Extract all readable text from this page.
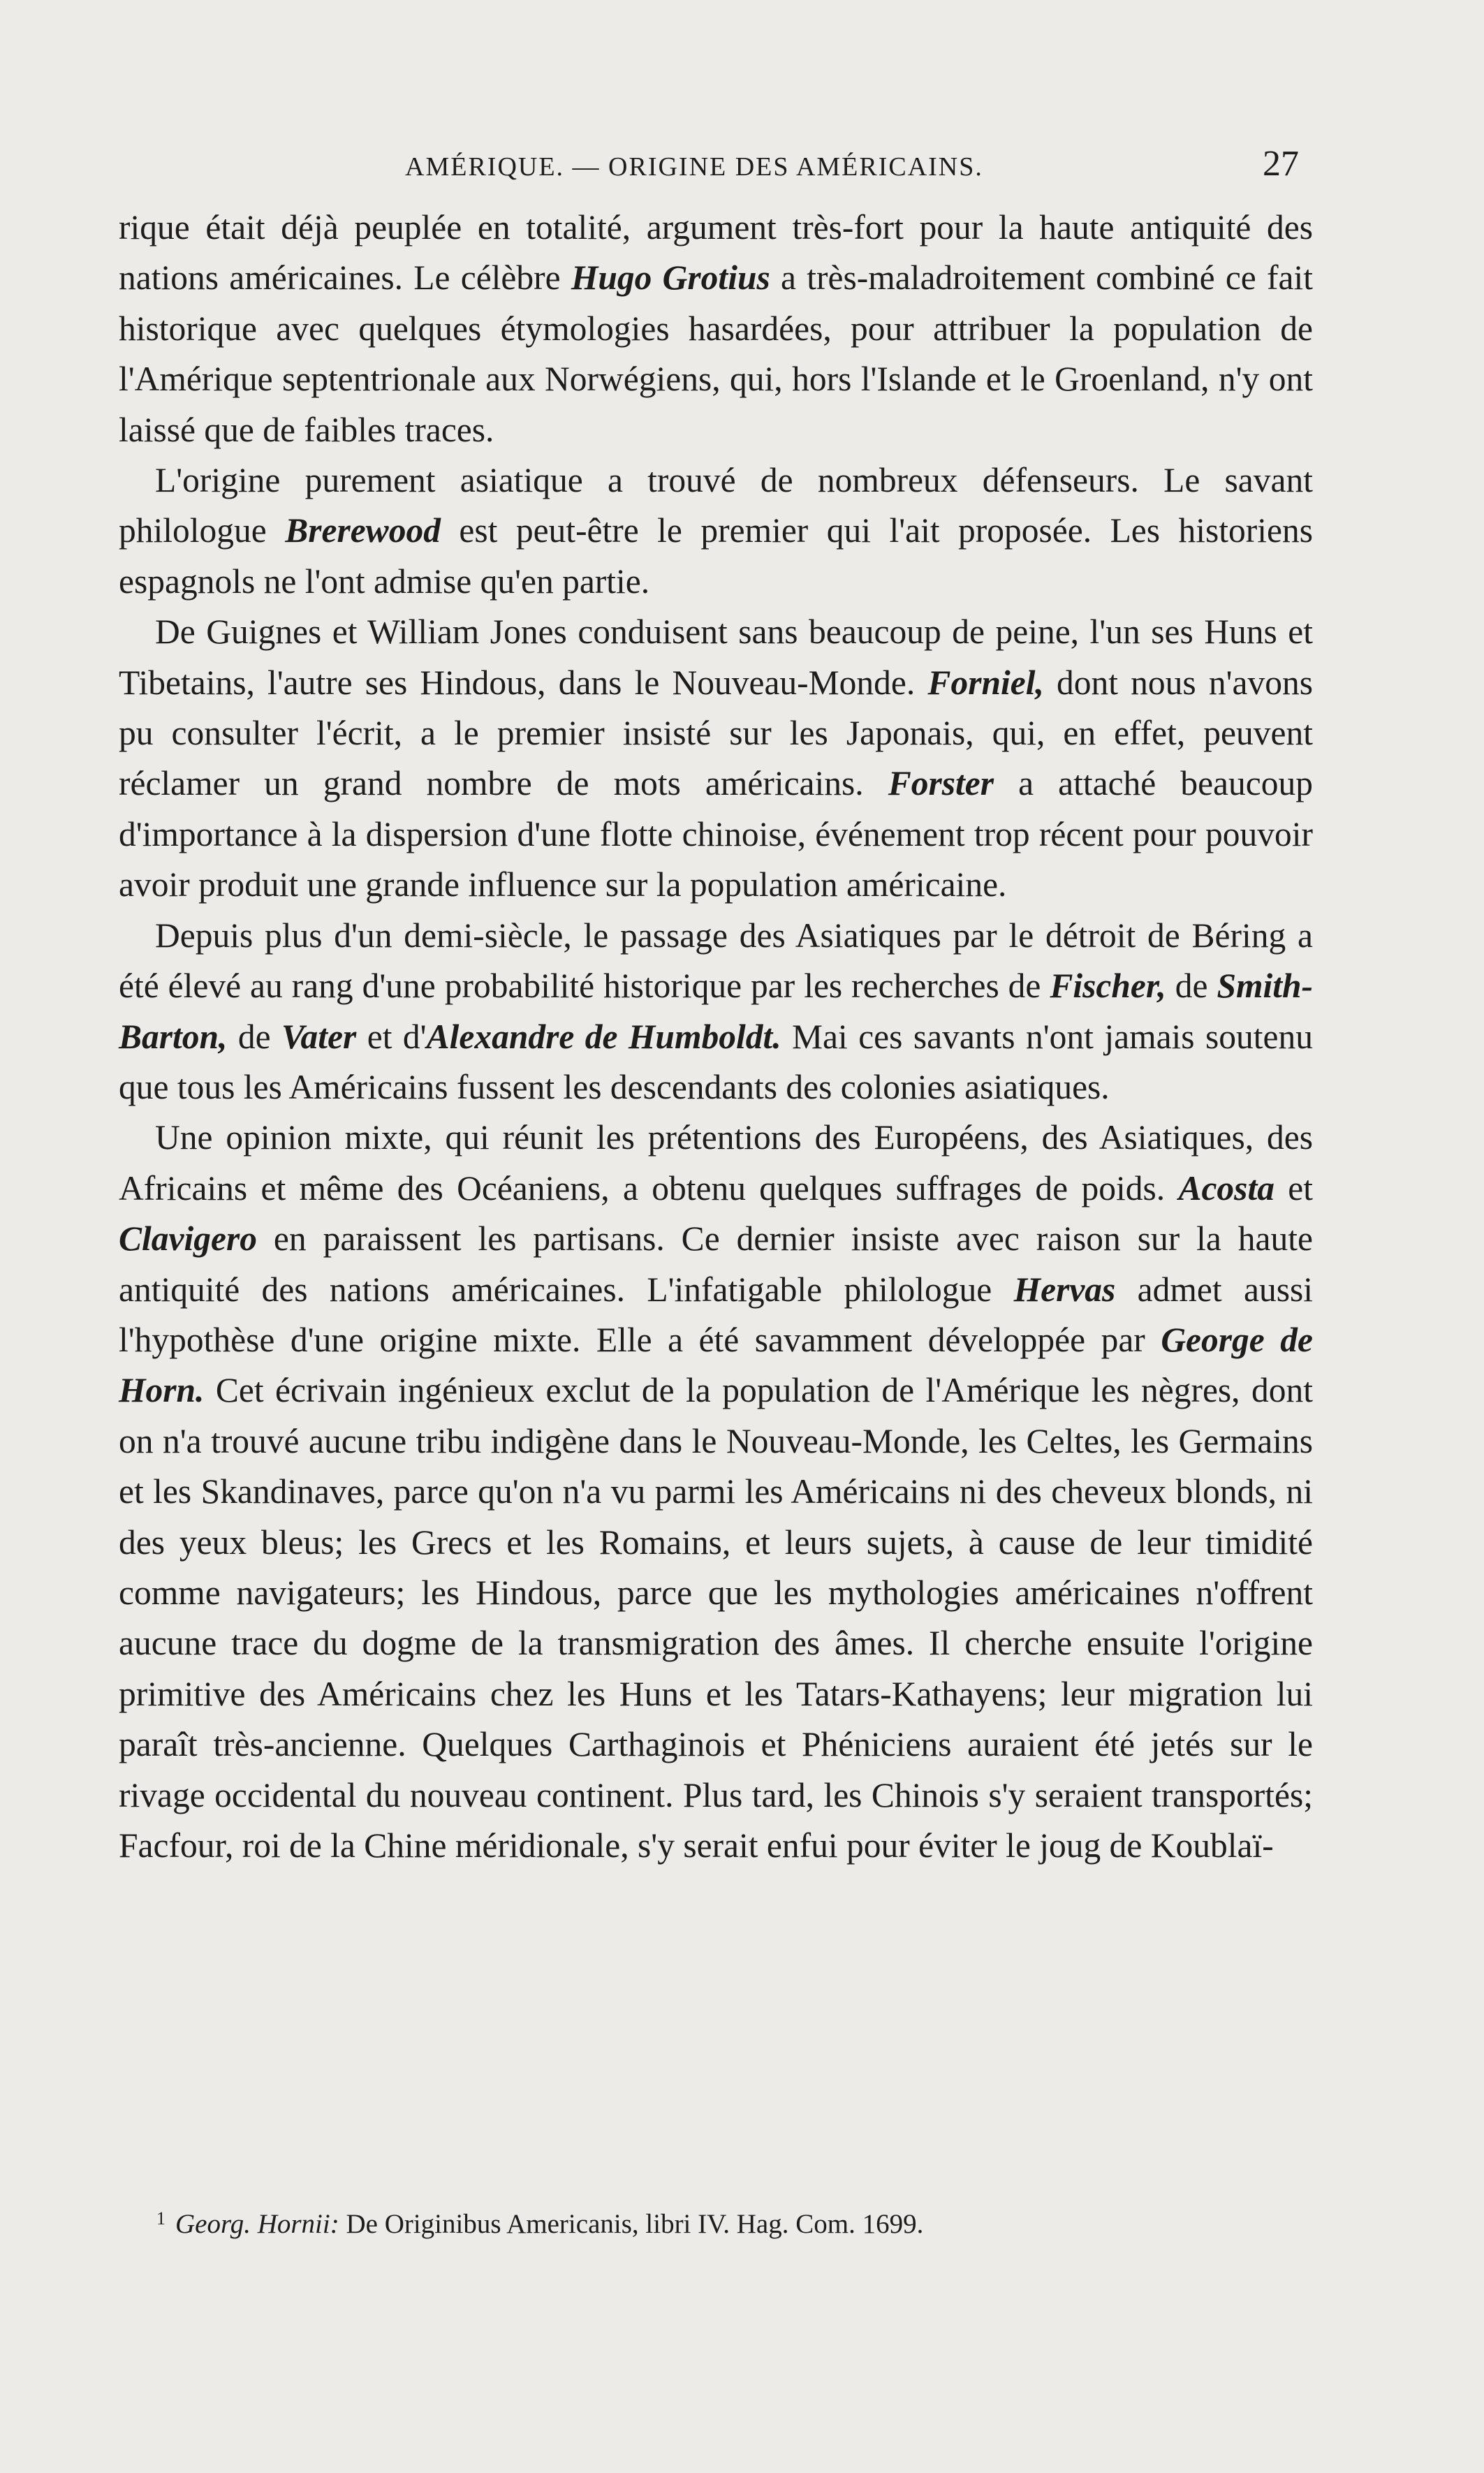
AMÉRIQUE. — ORIGINE DES AMÉRICAINS.	27

rique était déjà peuplée en totalité, argument très-fort pour la haute antiquité des nations américaines. Le célèbre Hugo Grotius a très-maladroitement combiné ce fait historique avec quelques étymologies hasardées, pour attribuer la population de l'Amérique septentrionale aux Norwégiens, qui, hors l'Islande et le Groenland, n'y ont laissé que de faibles traces.

L'origine purement asiatique a trouvé de nombreux défenseurs. Le savant philologue Brerewood est peut-être le premier qui l'ait proposée. Les historiens espagnols ne l'ont admise qu'en partie.

De Guignes et William Jones conduisent sans beaucoup de peine, l'un ses Huns et Tibetains, l'autre ses Hindous, dans le Nouveau-Monde. Forniel, dont nous n'avons pu consulter l'écrit, a le premier insisté sur les Japonais, qui, en effet, peuvent réclamer un grand nombre de mots américains. Forster a attaché beaucoup d'importance à la dispersion d'une flotte chinoise, événement trop récent pour pouvoir avoir produit une grande influence sur la population américaine.

Depuis plus d'un demi-siècle, le passage des Asiatiques par le détroit de Béring a été élevé au rang d'une probabilité historique par les recherches de Fischer, de Smith-Barton, de Vater et d'Alexandre de Humboldt. Mai ces savants n'ont jamais soutenu que tous les Américains fussent les descendants des colonies asiatiques.

Une opinion mixte, qui réunit les prétentions des Européens, des Asiatiques, des Africains et même des Océaniens, a obtenu quelques suffrages de poids. Acosta et Clavigero en paraissent les partisans. Ce dernier insiste avec raison sur la haute antiquité des nations américaines. L'infatigable philologue Hervas admet aussi l'hypothèse d'une origine mixte. Elle a été savamment développée par George de Horn. Cet écrivain ingénieux exclut de la population de l'Amérique les nègres, dont on n'a trouvé aucune tribu indigène dans le Nouveau-Monde, les Celtes, les Germains et les Skandinaves, parce qu'on n'a vu parmi les Américains ni des cheveux blonds, ni des yeux bleus; les Grecs et les Romains, et leurs sujets, à cause de leur timidité comme navigateurs; les Hindous, parce que les mythologies américaines n'offrent aucune trace du dogme de la transmigration des âmes. Il cherche ensuite l'origine primitive des Américains chez les Huns et les Tatars-Kathayens; leur migration lui paraît très-ancienne. Quelques Carthaginois et Phéniciens auraient été jetés sur le rivage occidental du nouveau continent. Plus tard, les Chinois s'y seraient transportés; Facfour, roi de la Chine méridionale, s'y serait enfui pour éviter le joug de Koublaï-

$^1$ Georg. Hornii: De Originibus Americanis, libri IV. Hag. Com. 1699.
